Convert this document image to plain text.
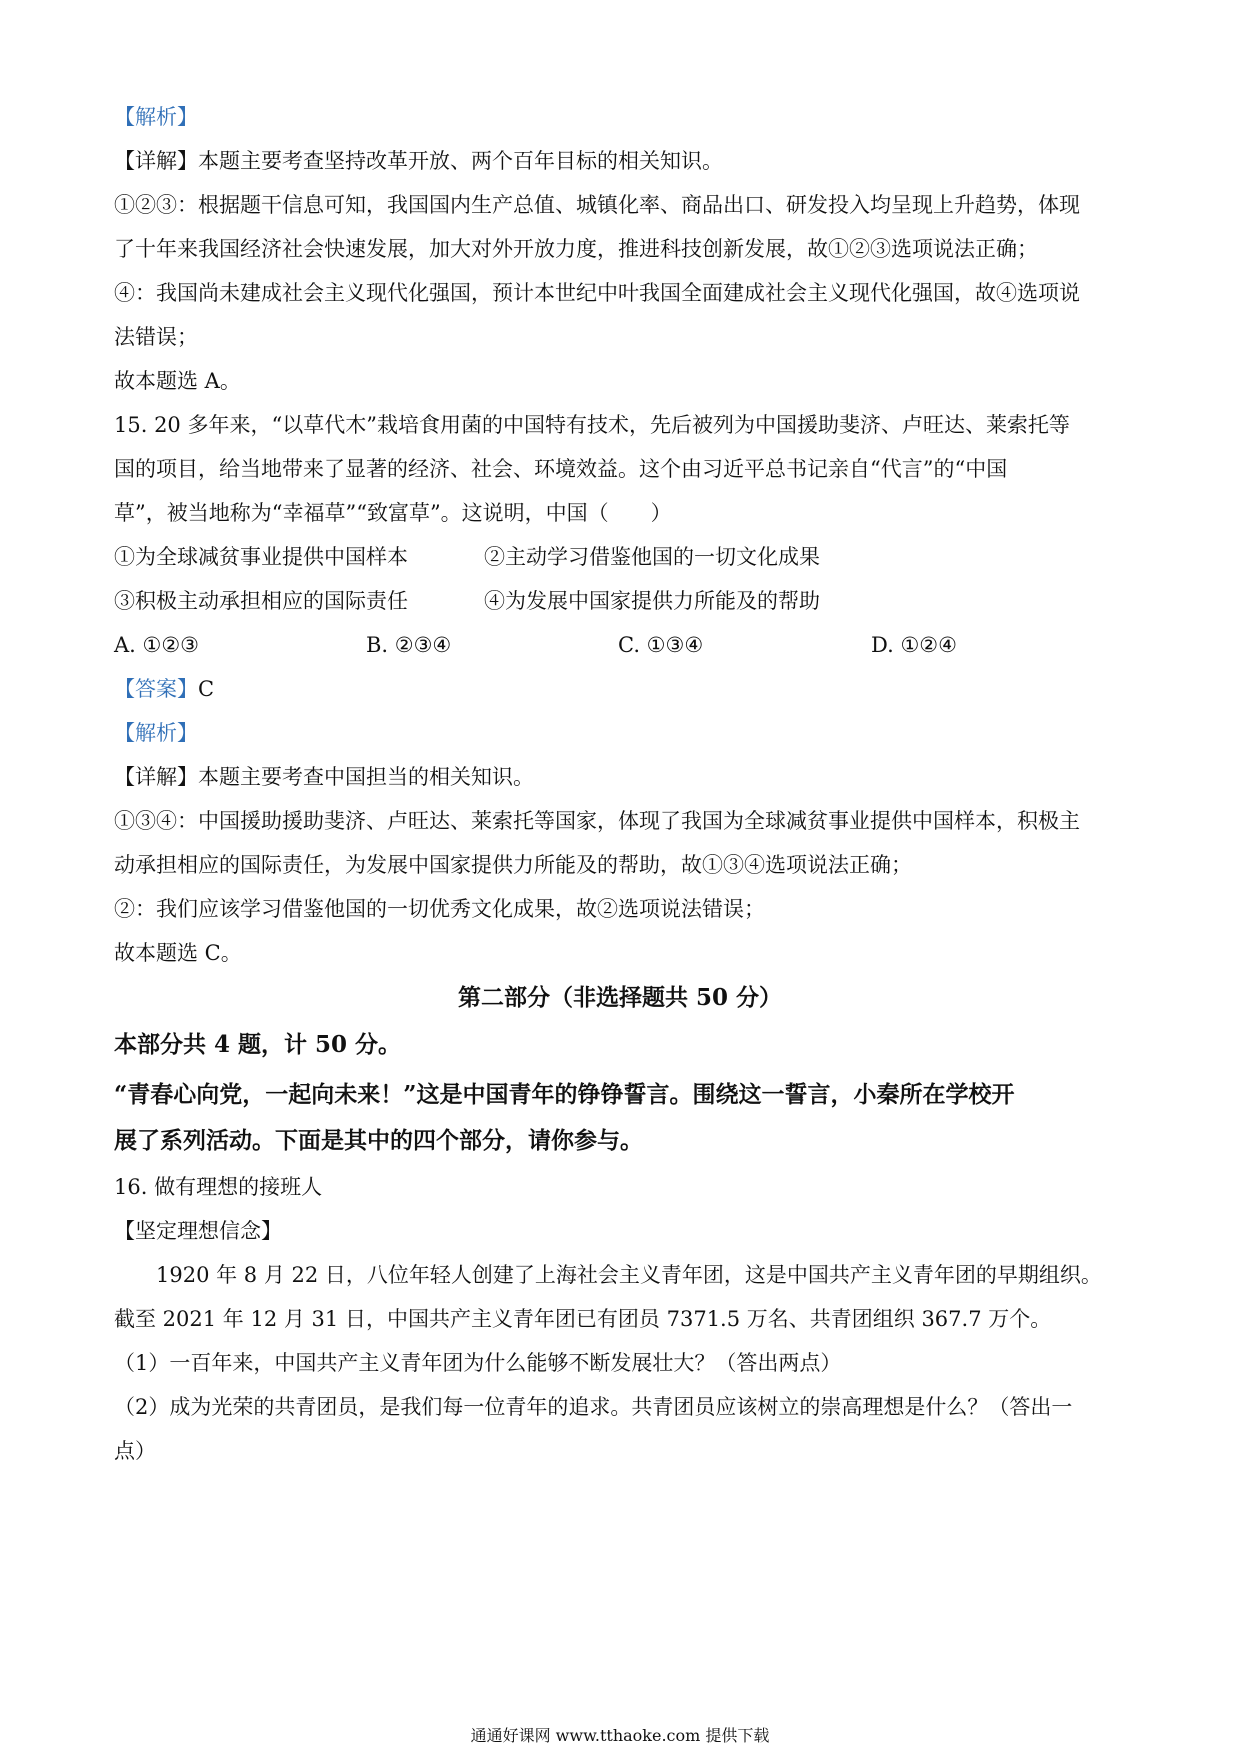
【解析】
【详解】本题主要考查坚持改革开放、两个百年目标的相关知识。
①②③：根据题干信息可知，我国国内生产总值、城镇化率、商品出口、研发投入均呈现上升趋势，体现
了十年来我国经济社会快速发展，加大对外开放力度，推进科技创新发展，故①②③选项说法正确；
④：我国尚未建成社会主义现代化强国，预计本世纪中叶我国全面建成社会主义现代化强国，故④选项说
法错误；
故本题选 A。
15. 20 多年来，“以草代木”栽培食用菌的中国特有技术，先后被列为中国援助斐济、卢旺达、莱索托等
国的项目，给当地带来了显著的经济、社会、环境效益。这个由习近平总书记亲自“代言”的“中国
草”，被当地称为“幸福草”“致富草”。这说明，中国（　　）
①为全球减贫事业提供中国样本	②主动学习借鉴他国的一切文化成果
③积极主动承担相应的国际责任	④为发展中国家提供力所能及的帮助
A. ①②③	B. ②③④	C. ①③④	D. ①②④
【答案】C
【解析】
【详解】本题主要考查中国担当的相关知识。
①③④：中国援助援助斐济、卢旺达、莱索托等国家，体现了我国为全球减贫事业提供中国样本，积极主
动承担相应的国际责任，为发展中国家提供力所能及的帮助，故①③④选项说法正确；
②：我们应该学习借鉴他国的一切优秀文化成果，故②选项说法错误；
故本题选 C。
第二部分（非选择题共 50 分）
本部分共 4 题，计 50 分。
“青春心向党，一起向未来！”这是中国青年的铮铮誓言。围绕这一誓言，小秦所在学校开
展了系列活动。下面是其中的四个部分，请你参与。
16. 做有理想的接班人
【坚定理想信念】
1920 年 8 月 22 日，八位年轻人创建了上海社会主义青年团，这是中国共产主义青年团的早期组织。
截至 2021 年 12 月 31 日，中国共产主义青年团已有团员 7371.5 万名、共青团组织 367.7 万个。
（1）一百年来，中国共产主义青年团为什么能够不断发展壮大？（答出两点）
（2）成为光荣的共青团员，是我们每一位青年的追求。共青团员应该树立的崇高理想是什么？（答出一
点）
通通好课网 www.tthaoke.com 提供下载
